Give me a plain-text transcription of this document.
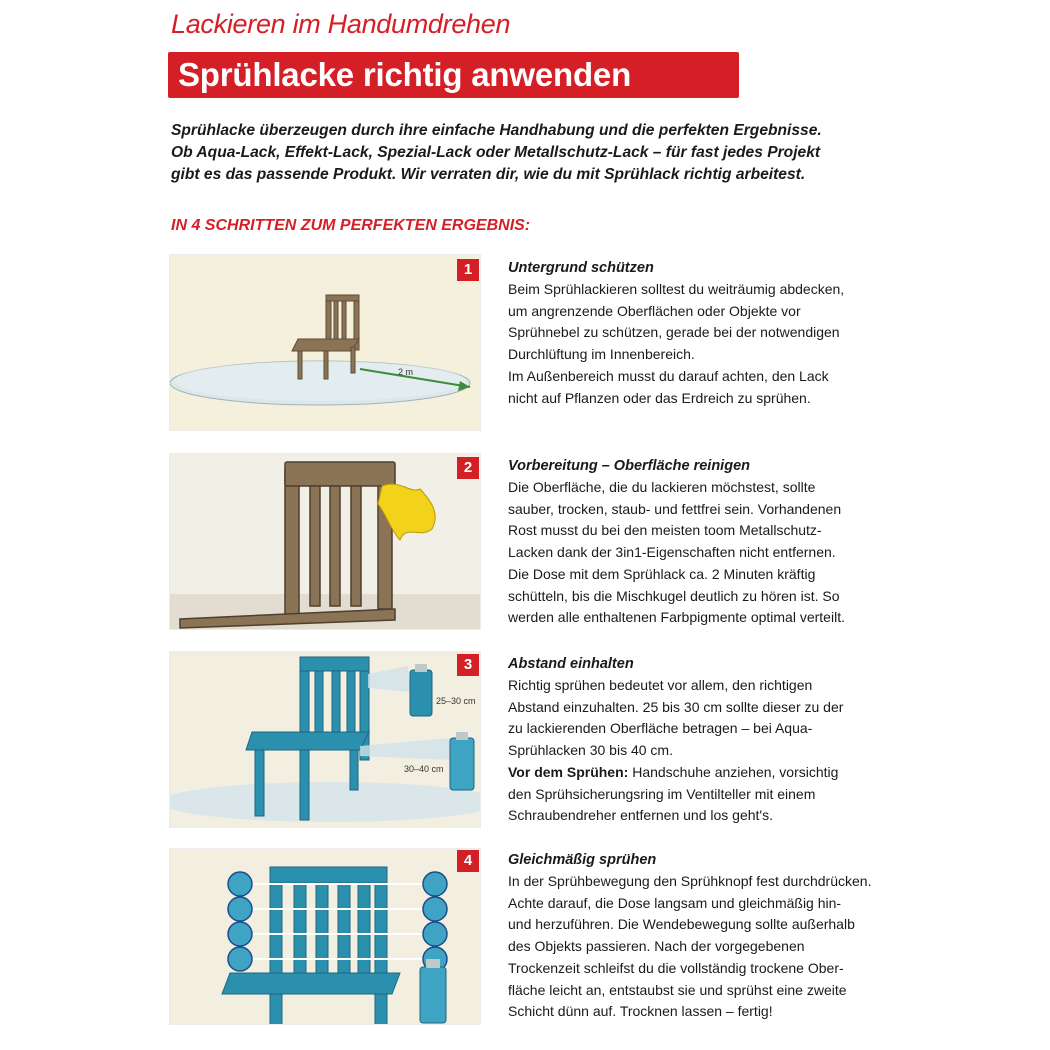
Lackieren im Handumdrehen
Sprühlacke richtig anwenden
Sprühlacke überzeugen durch ihre einfache Handhabung und die perfekten Ergebnisse.
Ob Aqua-Lack, Effekt-Lack, Spezial-Lack oder Metallschutz-Lack – für fast jedes Projekt
gibt es das passende Produkt. Wir verraten dir, wie du mit Sprühlack richtig arbeitest.
IN 4 SCHRITTEN ZUM PERFEKTEN ERGEBNIS:
2 m
1	Untergrund schützen
Beim Sprühlackieren solltest du weiträumig abdecken,
um angrenzende Oberflächen oder Objekte vor
Sprühnebel zu schützen, gerade bei der notwendigen
Durchlüftung im Innenbereich.
Im Außenbereich musst du darauf achten, den Lack
nicht auf Pflanzen oder das Erdreich zu sprühen.
2	Vorbereitung – Oberfläche reinigen
Die Oberfläche, die du lackieren möchstest, sollte
sauber, trocken, staub- und fettfrei sein. Vorhandenen
Rost musst du bei den meisten toom Metallschutz-
Lacken dank der 3in1-Eigenschaften nicht entfernen.
Die Dose mit dem Sprühlack ca. 2 Minuten kräftig
schütteln, bis die Mischkugel deutlich zu hören ist. So
werden alle enthaltenen Farbpigmente optimal verteilt.
25–30 cm
30–40 cm
3	Abstand einhalten
Richtig sprühen bedeutet vor allem, den richtigen
Abstand einzuhalten. 25 bis 30 cm sollte dieser zu der
zu lackierenden Oberfläche betragen – bei Aqua-
Sprühlacken 30 bis 40 cm.
Vor dem Sprühen: Handschuhe anziehen, vorsichtig
den Sprühsicherungsring im Ventilteller mit einem
Schraubendreher entfernen und los geht's.
4	Gleichmäßig sprühen
In der Sprühbewegung den Sprühknopf fest durchdrücken.
Achte darauf, die Dose langsam und gleichmäßig hin-
und herzuführen. Die Wendebewegung sollte außerhalb
des Objekts passieren. Nach der vorgegebenen
Trockenzeit schleifst du die vollständig trockene Ober-
fläche leicht an, entstaubst sie und sprühst eine zweite
Schicht dünn auf. Trocknen lassen – fertig!
